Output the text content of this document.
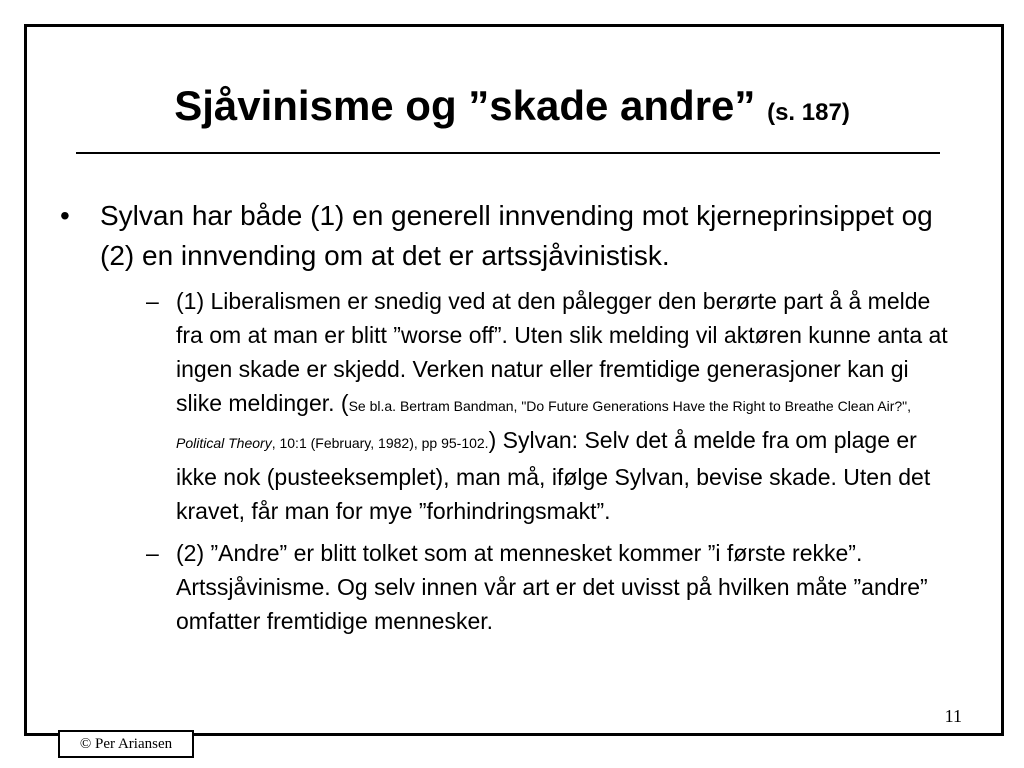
Sjåvinisme og ”skade andre” (s. 187)
•	Sylvan har både (1) en generell innvending mot kjerneprinsippet og (2) en innvending om at det er artssjåvinistisk.
– (1) Liberalismen er snedig ved at den pålegger den berørte part å å melde fra om at man er blitt ”worse off”. Uten slik melding vil aktøren kunne anta at ingen skade er skjedd. Verken natur eller fremtidige generasjoner kan gi slike meldinger. (Se bl.a. Bertram Bandman, "Do Future Generations Have the Right to Breathe Clean Air?", Political Theory, 10:1 (February, 1982), pp 95-102.) Sylvan: Selv det å melde fra om plage er ikke nok (pusteeksemplet), man må, ifølge Sylvan, bevise skade. Uten det kravet, får man for mye ”forhindringsmakt”.
– (2) ”Andre” er blitt tolket som at mennesket kommer ”i første rekke”. Artssjåvinisme. Og selv innen vår art er det uvisst på hvilken måte ”andre” omfatter fremtidige mennesker.
11
© Per Ariansen
